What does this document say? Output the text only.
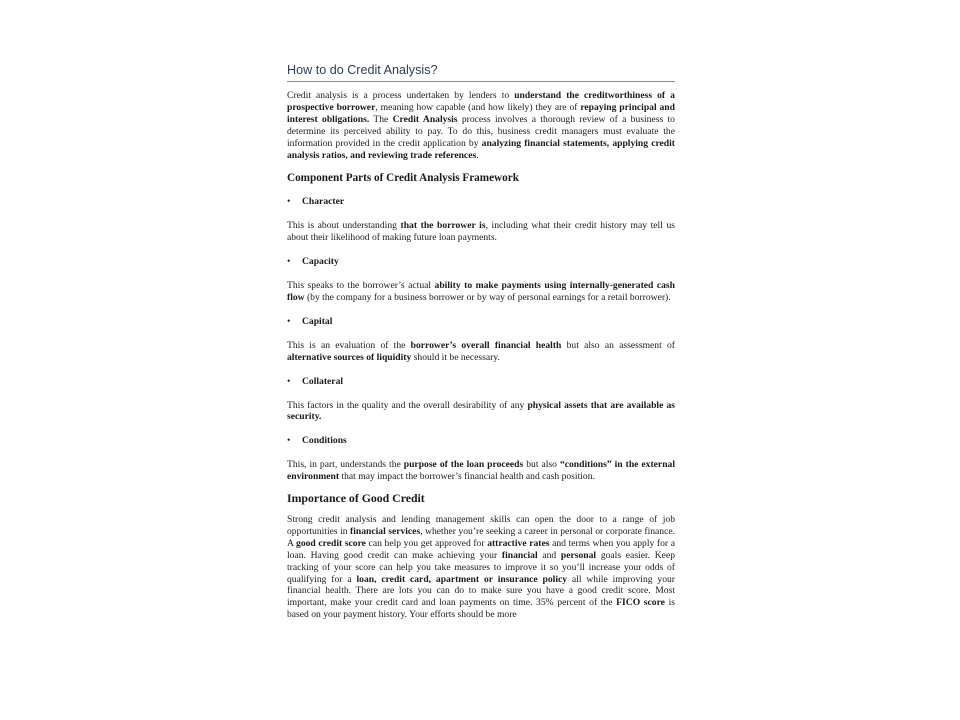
How to do Credit Analysis?

Credit analysis is a process undertaken by lenders to understand the creditworthiness of a prospective borrower, meaning how capable (and how likely) they are of repaying principal and interest obligations. The Credit Analysis process involves a thorough review of a business to determine its perceived ability to pay. To do this, business credit managers must evaluate the information provided in the credit application by analyzing financial statements, applying credit analysis ratios, and reviewing trade references.

Component Parts of Credit Analysis Framework
•	Character

This is about understanding that the borrower is, including what their credit history may tell us about their likelihood of making future loan payments.

•	Capacity

This speaks to the borrower’s actual ability to make payments using internally-generated cash flow (by the company for a business borrower or by way of personal earnings for a retail borrower).

•	Capital

This is an evaluation of the borrower’s overall financial health but also an assessment of alternative sources of liquidity should it be necessary.

•	Collateral

This factors in the quality and the overall desirability of any physical assets that are available as security.

•	Conditions

This, in part, understands the purpose of the loan proceeds but also “conditions” in the external environment that may impact the borrower’s financial health and cash position.

Importance of Good Credit

Strong credit analysis and lending management skills can open the door to a range of job opportunities in financial services, whether you’re seeking a career in personal or corporate finance. A good credit score can help you get approved for attractive rates and terms when you apply for a loan. Having good credit can make achieving your financial and personal goals easier. Keep tracking of your score can help you take measures to improve it so you’ll increase your odds of qualifying for a loan, credit card, apartment or insurance policy all while improving your financial health. There are lots you can do to make sure you have a good credit score. Most important, make your credit card and loan payments on time. 35% percent of the FICO score is based on your payment history. Your efforts should be more
